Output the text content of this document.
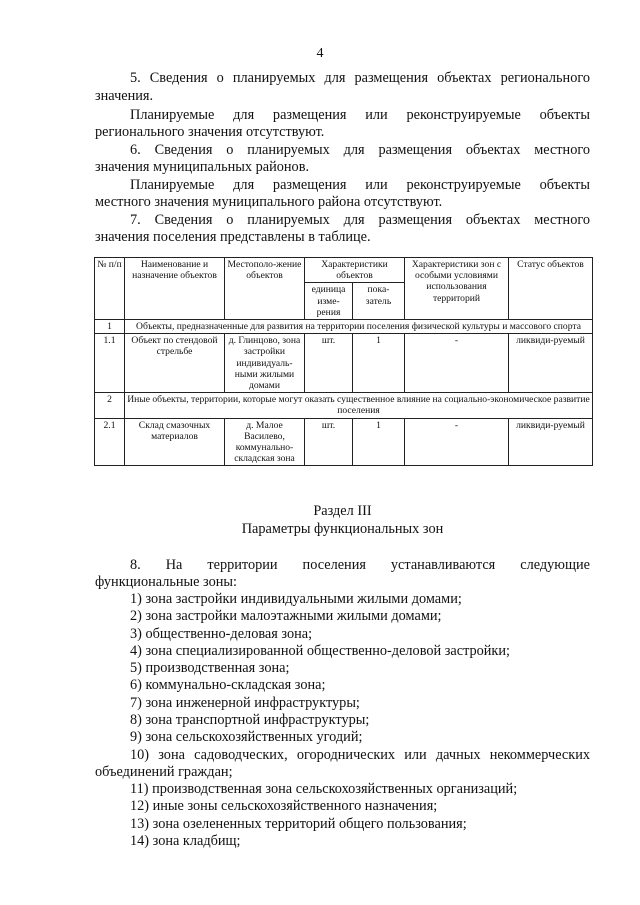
4
5. Сведения о планируемых для размещения объектах регионального
значения.
Планируемые для размещения или реконструируемые объекты
регионального значения отсутствуют.
6. Сведения о планируемых для размещения объектах местного
значения муниципальных районов.
Планируемые для размещения или реконструируемые объекты
местного значения муниципального района отсутствуют.
7. Сведения о планируемых для размещения объектах местного
значения поселения представлены в таблице.
№ п/п	Наименование и назначение объектов	Местополо-жение объектов	Характеристики объектов		Характеристики зон с особыми условиями использования территорий	Статус объектов
			единица изме-рения	пока-затель		
1	Объекты, предназначенные для развития на территории поселения физической культуры и массового спорта					
1.1	Объект по стендовой стрельбе	д. Глинцово, зона застройки индивидуаль-ными жилыми домами	шт.	1	-	ликвиди-руемый
2	Иные объекты, территории, которые могут оказать существенное влияние на социально-экономическое развитие поселения					
2.1	Склад смазочных материалов	д. Малое Василево, коммунально-складская зона	шт.	1	-	ликвиди-руемый
Раздел III
Параметры функциональных зон
8. На территории поселения устанавливаются следующие
функциональные зоны:
1) зона застройки индивидуальными жилыми домами;
2) зона застройки малоэтажными жилыми домами;
3) общественно-деловая зона;
4) зона специализированной общественно-деловой застройки;
5) производственная зона;
6) коммунально-складская зона;
7) зона инженерной инфраструктуры;
8) зона транспортной инфраструктуры;
9) зона сельскохозяйственных угодий;
10) зона садоводческих, огороднических или дачных некоммерческих
объединений граждан;
11) производственная зона сельскохозяйственных организаций;
12) иные зоны сельскохозяйственного назначения;
13) зона озелененных территорий общего пользования;
14) зона кладбищ;
